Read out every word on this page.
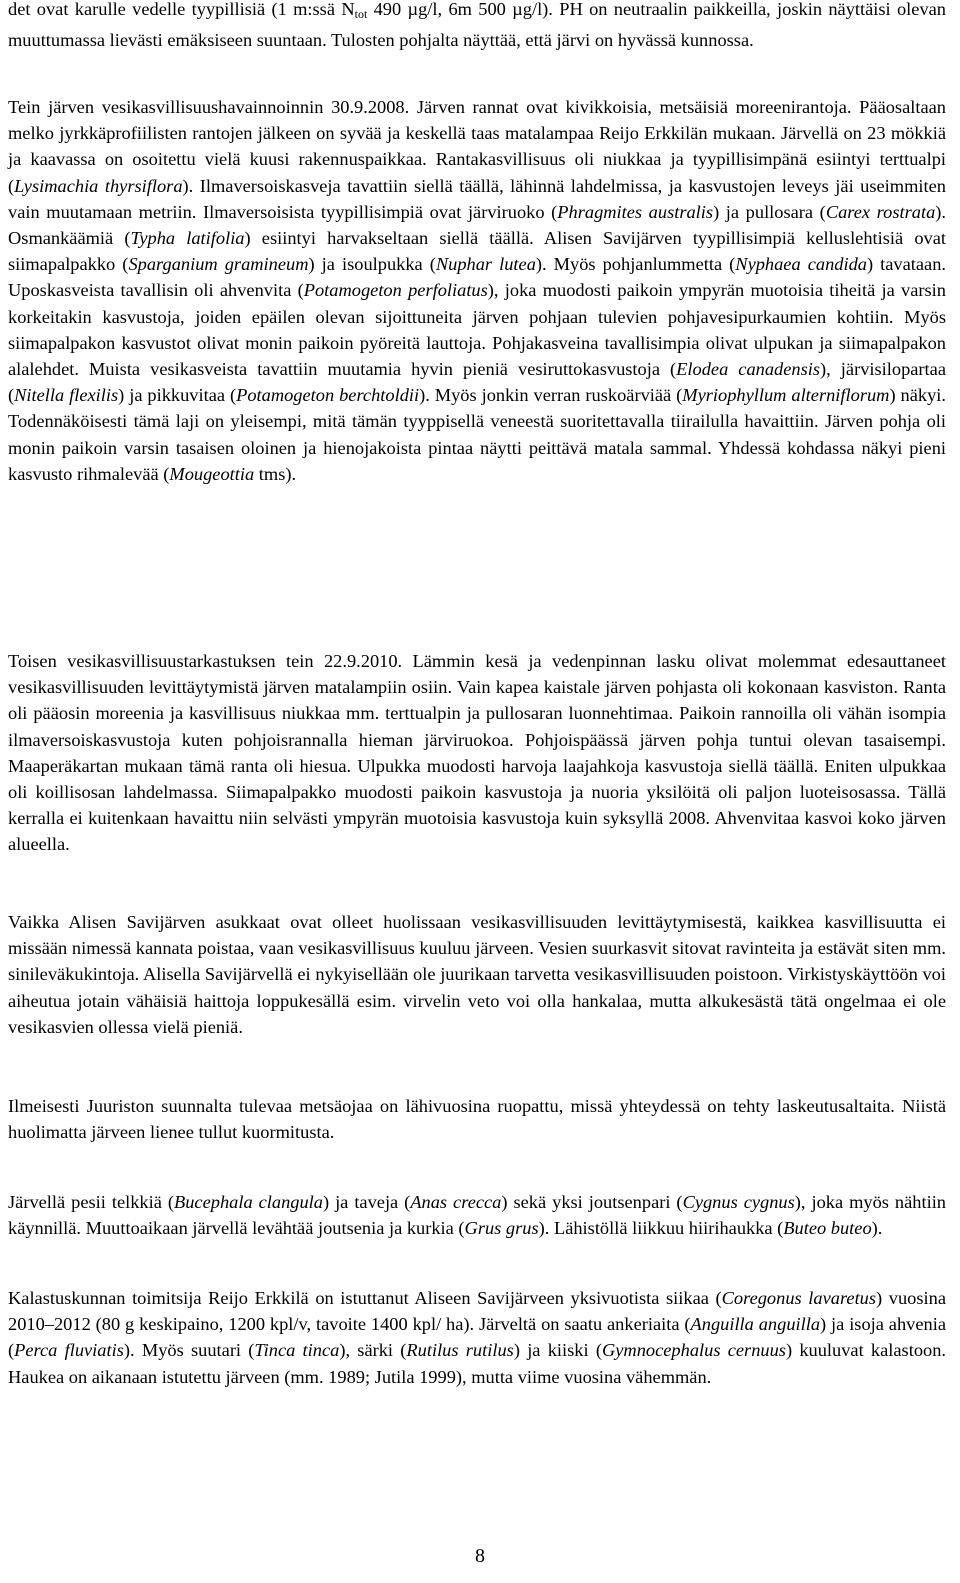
det ovat karulle vedelle tyypillisiä (1 m:ssä $N_{tot}$ 490 µg/l, 6m 500 µg/l). PH on neutraalin paikkeilla, joskin näyttäisi olevan muuttumassa lievästi emäksiseen suuntaan. Tulosten pohjalta näyttää, että järvi on hyvässä kunnossa.

Tein järven vesikasvillisuushavainnoinnin 30.9.2008. Järven rannat ovat kivikkoisia, metsäisiä moreenirantoja. Pääosaltaan melko jyrkkäprofiilisten rantojen jälkeen on syvää ja keskellä taas matalampaa Reijo Erkkilän mukaan. Järvellä on 23 mökkiä ja kaavassa on osoitettu vielä kuusi rakennuspaikkaa. Rantakasvillisuus oli niukkaa ja tyypillisimpänä esiintyi terttualpi (Lysimachia thyrsiflora). Ilmaversoiskasveja tavattiin siellä täällä, lähinnä lahdelmissa, ja kasvustojen leveys jäi useimmiten vain muutamaan metriin. Ilmaversoisista tyypillisimpiä ovat järviruoko (Phragmites australis) ja pullosara (Carex rostrata). Osmankäämiä (Typha latifolia) esiintyi harvakseltaan siellä täällä. Alisen Savijärven tyypillisimpiä kelluslehtisiä ovat siimapalpakko (Sparganium gramineum) ja isoulpukka (Nuphar lutea). Myös pohjanlummetta (Nyphaea candida) tavataan. Uposkasveista tavallisin oli ahvenvita (Potamogeton perfoliatus), joka muodosti paikoin ympyrän muotoisia tiheitä ja varsin korkeitakin kasvustoja, joiden epäilen olevan sijoittuneita järven pohjaan tulevien pohjavesipurkaumien kohtiin. Myös siimapalpakon kasvustot olivat monin paikoin pyöreitä lauttoja. Pohjakasveina tavallisimpia olivat ulpukan ja siimapalpakon alalehdet. Muista vesikasveista tavattiin muutamia hyvin pieniä vesiruttokasvustoja (Elodea canadensis), järvisilopartaa (Nitella flexilis) ja pikkuvitaa (Potamogeton berchtoldii). Myös jonkin verran ruskoärviää (Myriophyllum alterniflorum) näkyi. Todennäköisesti tämä laji on yleisempi, mitä tämän tyyppisellä veneestä suoritettavalla tiirailulla havaittiin. Järven pohja oli monin paikoin varsin tasaisen oloinen ja hienojakoista pintaa näytti peittävä matala sammal. Yhdessä kohdassa näkyi pieni kasvusto rihmalevää (Mougeottia tms).

Toisen vesikasvillisuustarkastuksen tein 22.9.2010. Lämmin kesä ja vedenpinnan lasku olivat molemmat edesauttaneet vesikasvillisuuden levittäytymistä järven matalampiin osiin. Vain kapea kaistale järven pohjasta oli kokonaan kasviston. Ranta oli pääosin moreenia ja kasvillisuus niukkaa mm. terttualpin ja pullosaran luonnehtimaa. Paikoin rannoilla oli vähän isompia ilmaversoiskasvustoja kuten pohjoisrannalla hieman järviruokoa. Pohjoispäässä järven pohja tuntui olevan tasaisempi. Maaperäkartan mukaan tämä ranta oli hiesua. Ulpukka muodosti harvoja laajahkoja kasvustoja siellä täällä. Eniten ulpukkaa oli koillisosan lahdelmassa. Siimapalpakko muodosti paikoin kasvustoja ja nuoria yksilöitä oli paljon luoteisosassa. Tällä kerralla ei kuitenkaan havaittu niin selvästi ympyrän muotoisia kasvustoja kuin syksyllä 2008. Ahvenvitaa kasvoi koko järven alueella.

Vaikka Alisen Savijärven asukkaat ovat olleet huolissaan vesikasvillisuuden levittäytymisestä, kaikkea kasvillisuutta ei missään nimessä kannata poistaa, vaan vesikasvillisuus kuuluu järveen. Vesien suurkasvit sitovat ravinteita ja estävät siten mm. sinileväkukintoja. Alisella Savijärvellä ei nykyisellään ole juurikaan tarvetta vesikasvillisuuden poistoon. Virkistyskäyttöön voi aiheutua jotain vähäisiä haittoja loppukesällä esim. virvelin veto voi olla hankalaa, mutta alkukesästä tätä ongelmaa ei ole vesikasvien ollessa vielä pieniä.

Ilmeisesti Juuriston suunnalta tulevaa metsäojaa on lähivuosina ruopattu, missä yhteydessä on tehty laskeutusaltaita. Niistä huolimatta järveen lienee tullut kuormitusta.

Järvellä pesii telkkiä (Bucephala clangula) ja taveja (Anas crecca) sekä yksi joutsenpari (Cygnus cygnus), joka myös nähtiin käynnillä. Muuttoaikaan järvellä levähtää joutsenia ja kurkia (Grus grus). Lähistöllä liikkuu hiirihaukka (Buteo buteo).

Kalastuskunnan toimitsija Reijo Erkkilä on istuttanut Aliseen Savijärveen yksivuotista siikaa (Coregonus lavaretus) vuosina 2010–2012 (80 g keskipaino, 1200 kpl/v, tavoite 1400 kpl/ ha). Järveltä on saatu ankeriaita (Anguilla anguilla) ja isoja ahvenia (Perca fluviatis). Myös suutari (Tinca tinca), särki (Rutilus rutilus) ja kiiski (Gymnocephalus cernuus) kuuluvat kalastoon. Haukea on aikanaan istutettu järveen (mm. 1989; Jutila 1999), mutta viime vuosina vähemmän.

8
